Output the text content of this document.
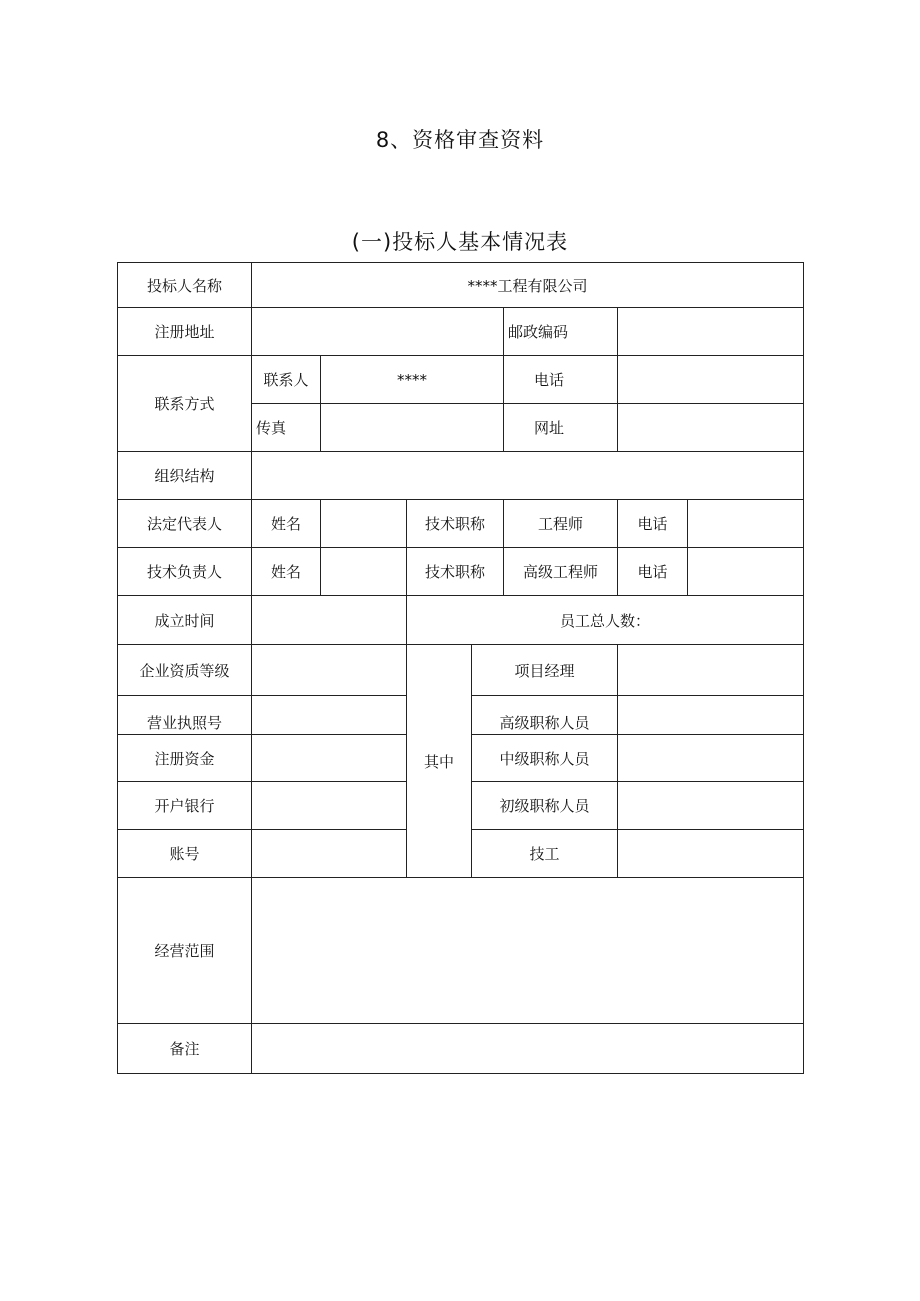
8、资格审查资料
(一)投标人基本情况表
投标人名称	****工程有限公司						
注册地址					邮政编码		
联系方式	联系人	****			电话		
	传真				网址		
组织结构							
法定代表人	姓名		技术职称		工程师	电话	
技术负责人	姓名		技术职称		高级工程师	电话	
成立时间			员工总人数：				
企业资质等级			其中	项目经理			
营业执照号				高级职称人员			
注册资金				中级职称人员			
开户银行				初级职称人员			
账号				技工			
经营范围							
备注							
